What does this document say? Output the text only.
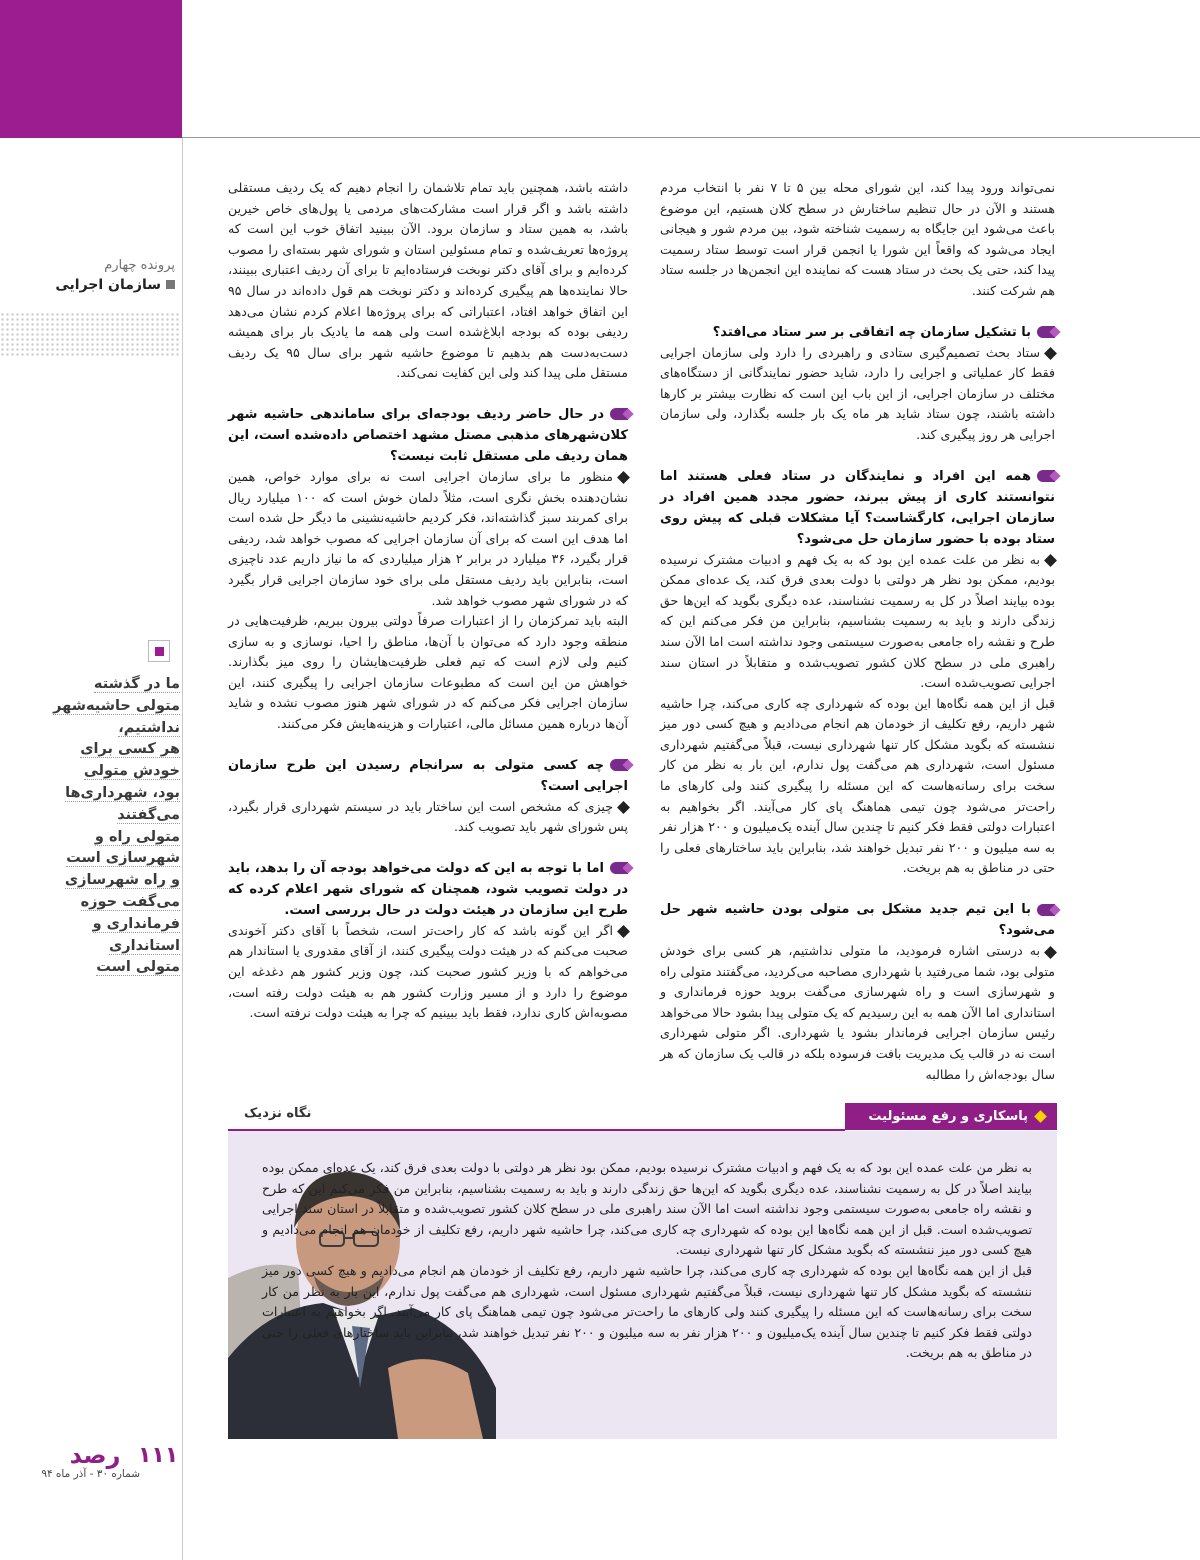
پرونده چهارم
سازمان اجرایی
ما در گذشته
متولی حاشیه‌شهر
نداشتیم،
هر کسی برای
خودش متولی
بود، شهرداری‌ها
می‌گفتند
متولی راه و
شهرسازی است
و راه شهرسازی
می‌گفت حوزه
فرمانداری و
استانداری
متولی است

نمی‌تواند ورود پیدا کند، این شورای محله بین ۵ تا ۷ نفر با انتخاب مردم هستند و الآن در حال تنظیم ساختارش در سطح کلان هستیم، این موضوع باعث می‌شود این جایگاه به رسمیت شناخته شود، بین مردم شور و هیجانی ایجاد می‌شود که واقعاً این شورا یا انجمن قرار است توسط ستاد رسمیت پیدا کند، حتی یک بحث در ستاد هست که نماینده این انجمن‌ها در جلسه ستاد هم شرکت کنند.

با تشکیل سازمان چه اتفاقی بر سر ستاد می‌افتد؟

ستاد بحث تصمیم‌گیری ستادی و راهبردی را دارد ولی سازمان اجرایی فقط کار عملیاتی و اجرایی را دارد، شاید حضور نمایندگانی از دستگاه‌های مختلف در سازمان اجرایی، از این باب این است که نظارت بیشتر بر کارها داشته باشند، چون ستاد شاید هر ماه یک بار جلسه بگذارد، ولی سازمان اجرایی هر روز پیگیری کند.

همه این افراد و نمایندگان در ستاد فعلی هستند اما نتوانستند کاری از پیش ببرند، حضور مجدد همین افراد در سازمان اجرایی، کارگشاست؟ آیا مشکلات قبلی که پیش روی ستاد بوده با حضور سازمان حل می‌شود؟

به نظر من علت عمده این بود که به یک فهم و ادبیات مشترک نرسیده بودیم، ممکن بود نظر هر دولتی با دولت بعدی فرق کند، یک عده‌ای ممکن بوده بیایند اصلاً در کل به رسمیت نشناسند، عده دیگری بگوید که این‌ها حق زندگی دارند و باید به رسمیت بشناسیم، بنابراین من فکر می‌کنم این که طرح و نقشه راه جامعی به‌صورت سیستمی وجود نداشته است اما الآن سند راهبری ملی در سطح کلان کشور تصویب‌شده و متقابلاً در استان سند اجرایی تصویب‌شده است.

قبل از این همه نگاه‌ها این بوده که شهرداری چه کاری می‌کند، چرا حاشیه شهر داریم، رفع تکلیف از خودمان هم انجام می‌دادیم و هیچ کسی دور میز ننشسته که بگوید مشکل کار تنها شهرداری نیست، قبلاً می‌گفتیم شهرداری مسئول است، شهرداری هم می‌گفت پول ندارم، این بار به نظر من کار سخت برای رسانه‌هاست که این مسئله را پیگیری کنند ولی کارهای ما راحت‌تر می‌شود چون تیمی هماهنگ پای کار می‌آیند. اگر بخواهیم به اعتبارات دولتی فقط فکر کنیم تا چندین سال آینده یک‌میلیون و ۲۰۰ هزار نفر به سه میلیون و ۲۰۰ نفر تبدیل خواهند شد، بنابراین باید ساختارهای فعلی را حتی در مناطق به هم بریخت.

با این تیم جدید مشکل بی متولی بودن حاشیه شهر حل می‌شود؟

به درستی اشاره فرمودید، ما متولی نداشتیم، هر کسی برای خودش متولی بود، شما می‌رفتید با شهرداری مصاحبه می‌کردید، می‌گفتند متولی راه و شهرسازی است و راه شهرسازی می‌گفت بروید حوزه فرمانداری و استانداری اما الآن همه به این رسیدیم که یک متولی پیدا بشود حالا می‌خواهد رئیس سازمان اجرایی فرماندار بشود یا شهرداری. اگر متولی شهرداری است نه در قالب یک مدیریت بافت فرسوده بلکه در قالب یک سازمان که هر سال بودجه‌اش را مطالبه

داشته باشد، همچنین باید تمام تلاشمان را انجام دهیم که یک ردیف مستقلی داشته باشد و اگر قرار است مشارکت‌های مردمی یا پول‌های خاص خیرین باشد، به همین ستاد و سازمان برود. الآن ببینید اتفاق خوب این است که پروژه‌ها تعریف‌شده و تمام مسئولین استان و شورای شهر بسته‌ای را مصوب کرده‌ایم و برای آقای دکتر نوبخت فرستاده‌ایم تا برای آن ردیف اعتباری ببینند، حالا نماینده‌ها هم پیگیری کرده‌اند و دکتر نوبخت هم قول داده‌اند در سال ۹۵ این اتفاق خواهد افتاد، اعتباراتی که برای پروژه‌ها اعلام کردم نشان می‌دهد ردیفی بوده که بودجه ابلاغ‌شده است ولی همه ما یادیک بار برای همیشه دست‌به‌دست هم بدهیم تا موضوع حاشیه شهر برای سال ۹۵ یک ردیف مستقل ملی پیدا کند ولی این کفایت نمی‌کند.

در حال حاضر ردیف بودجه‌ای برای ساماندهی حاشیه شهر کلان‌شهرهای مذهبی مصتل مشهد اختصاص داده‌شده است، این همان ردیف ملی مستقل ثابت نیست؟

منظور ما برای سازمان اجرایی است نه برای موارد خواص، همین نشان‌دهنده بخش نگری است، مثلاً دلمان خوش است که ۱۰۰ میلیارد ریال برای کمربند سبز گذاشته‌اند، فکر کردیم حاشیه‌نشینی ما دیگر حل شده است اما هدف این است که برای آن سازمان اجرایی که مصوب خواهد شد، ردیفی قرار بگیرد، ۳۶ میلیارد در برابر ۲ هزار میلیاردی که ما نیاز داریم عدد ناچیزی است، بنابراین باید ردیف مستقل ملی برای خود سازمان اجرایی قرار بگیرد که در شورای شهر مصوب خواهد شد.

البته باید تمرکزمان را از اعتبارات صرفاً دولتی بیرون ببریم، ظرفیت‌هایی در منطقه وجود دارد که می‌توان با آن‌ها، مناطق را احیا، نوسازی و به سازی کنیم ولی لازم است که تیم فعلی ظرفیت‌هایشان را روی میز بگذارند. خواهش من این است که مطبوعات سازمان اجرایی را پیگیری کنند، این سازمان اجرایی فکر می‌کنم که در شورای شهر هنوز مصوب نشده و شاید آن‌ها درباره همین مسائل مالی، اعتبارات و هزینه‌هایش فکر می‌کنند.

چه کسی متولی به سرانجام رسیدن این طرح سازمان اجرایی است؟

چیزی که مشخص است این ساختار باید در سیستم شهرداری قرار بگیرد، پس شورای شهر باید تصویب کند.

اما با توجه به این که دولت می‌خواهد بودجه آن را بدهد، باید در دولت تصویب شود، همچنان که شورای شهر اعلام کرده که طرح این سازمان در هیئت دولت در حال بررسی است.

اگر این گونه باشد که کار راحت‌تر است، شخصاً با آقای دکتر آخوندی صحبت می‌کنم که در هیئت دولت پیگیری کنند، از آقای مقدوری یا استاندار هم می‌خواهم که با وزیر کشور صحبت کند، چون وزیر کشور هم دغدغه این موضوع را دارد و از مسیر وزارت کشور هم به هیئت دولت رفته است، مصوبه‌اش کاری ندارد، فقط باید ببینیم که چرا به هیئت دولت نرفته است.

پاسکاری و رفع مسئولیت
نگاه نزدیک

به نظر من علت عمده این بود که به یک فهم و ادبیات مشترک نرسیده بودیم، ممکن بود نظر هر دولتی با دولت بعدی فرق کند، یک عده‌ای ممکن بوده بیایند اصلاً در کل به رسمیت نشناسند، عده دیگری بگوید که این‌ها حق زندگی دارند و باید به رسمیت بشناسیم، بنابراین من فکر می‌کنم این که طرح و نقشه راه جامعی به‌صورت سیستمی وجود نداشته است اما الآن سند راهبری ملی در سطح کلان کشور تصویب‌شده و متقابلاً در استان سند اجرایی تصویب‌شده است. قبل از این همه نگاه‌ها این بوده که شهرداری چه کاری می‌کند، چرا حاشیه شهر داریم، رفع تکلیف از خودمان هم انجام می‌دادیم و هیچ کسی دور میز ننشسته که بگوید مشکل کار تنها شهرداری نیست.

قبل از این همه نگاه‌ها این بوده که شهرداری چه کاری می‌کند، چرا حاشیه شهر داریم، رفع تکلیف از خودمان هم انجام می‌دادیم و هیچ کسی دور میز ننشسته که بگوید مشکل کار تنها شهرداری نیست، قبلاً می‌گفتیم شهرداری مسئول است، شهرداری هم می‌گفت پول ندارم، این بار به نظر من کار سخت برای رسانه‌هاست که این مسئله را پیگیری کنند ولی کارهای ما راحت‌تر می‌شود چون تیمی هماهنگ پای کار می‌آیند. اگر بخواهیم به اعتبارات دولتی فقط فکر کنیم تا چندین سال آینده یک‌میلیون و ۲۰۰ هزار نفر به سه میلیون و ۲۰۰ نفر تبدیل خواهند شد، بنابراین باید ساختارهای فعلی را حتی در مناطق به هم بریخت.

۱۱۱
رصد
شماره ۳۰ - آذر ماه ۹۴
